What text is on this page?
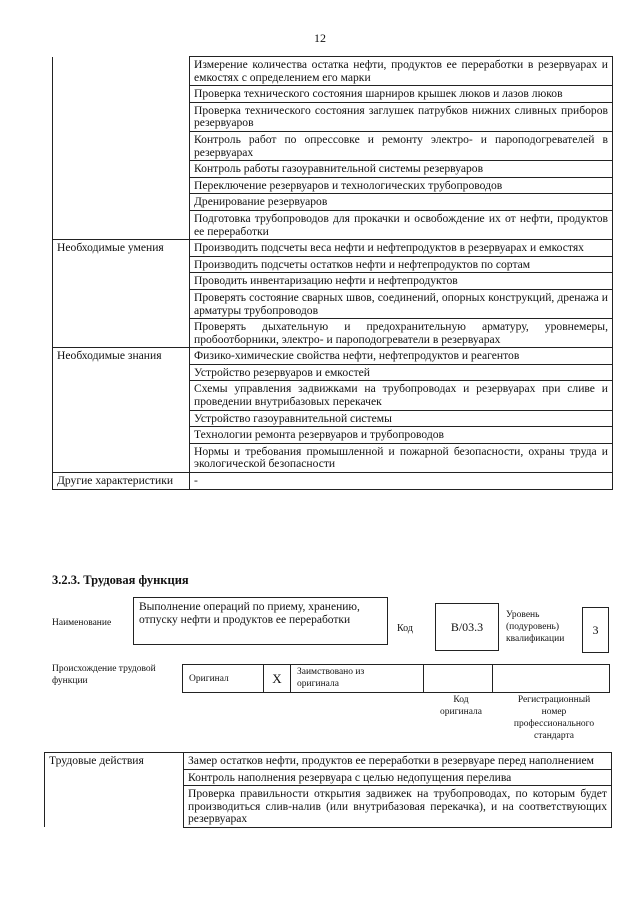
12
	Измерение количества остатка нефти, продуктов ее переработки в резервуарах и емкостях с определением его марки
	Проверка технического состояния шарниров крышек люков и лазов люков
	Проверка технического состояния заглушек патрубков нижних сливных приборов резервуаров
	Контроль работ по опрессовке и ремонту электро- и пароподогревателей в резервуарах
	Контроль работы газоуравнительной системы резервуаров
	Переключение резервуаров и технологических трубопроводов
	Дренирование резервуаров
	Подготовка трубопроводов для прокачки и освобождение их от нефти, продуктов ее переработки
Необходимые умения	Производить подсчеты веса нефти и нефтепродуктов в резервуарах и емкостях
	Производить подсчеты остатков нефти и нефтепродуктов по сортам
	Проводить инвентаризацию нефти и нефтепродуктов
	Проверять состояние сварных швов, соединений, опорных конструкций, дренажа и арматуры трубопроводов
	Проверять дыхательную и предохранительную арматуру, уровнемеры, пробоотборники, электро- и пароподогреватели в резервуарах
Необходимые знания	Физико-химические свойства нефти, нефтепродуктов и реагентов
	Устройство резервуаров и емкостей
	Схемы управления задвижками на трубопроводах и резервуарах при сливе и проведении внутрибазовых перекачек
	Устройство газоуравнительной системы
	Технологии ремонта резервуаров и трубопроводов
	Нормы и требования промышленной и пожарной безопасности, охраны труда и экологической безопасности
Другие характеристики	-
3.2.3. Трудовая функция
Наименование
Выполнение операций по приему, хранению, отпуску нефти и продуктов ее переработки
Код	В/03.3
Уровень
(подуровень)
квалификации
3
Происхождение трудовой
функции	Оригинал	X	Заимствовано из
оригинала

Код
оригинала
Регистрационный
номер
профессионального
стандарта
Трудовые действия	Замер остатков нефти, продуктов ее переработки в резервуаре перед наполнением
	Контроль наполнения резервуара с целью недопущения перелива
	Проверка правильности открытия задвижек на трубопроводах, по которым будет производиться слив-налив (или внутрибазовая перекачка), и на соответствующих резервуарах
